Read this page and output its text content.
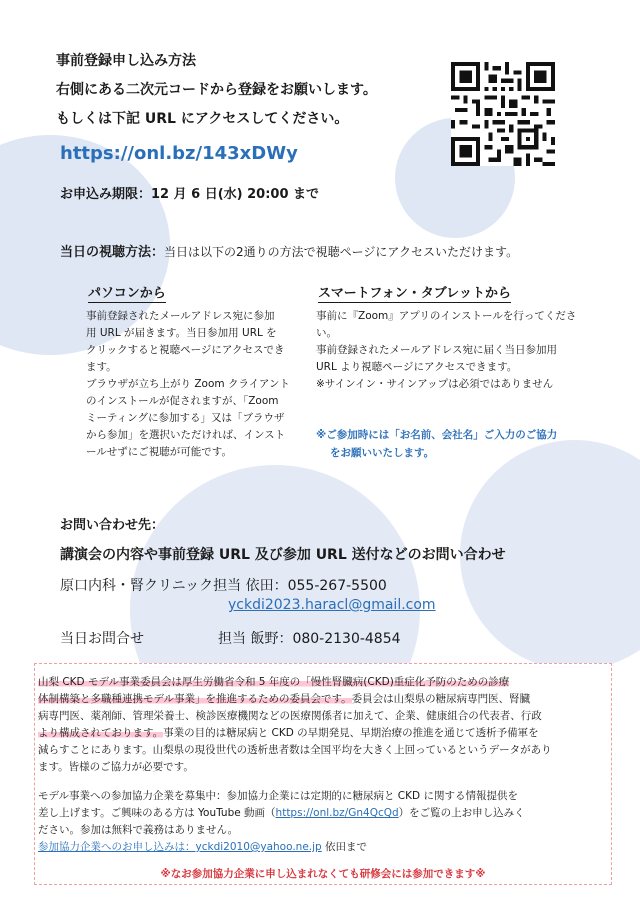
事前登録申し込み方法
右側にある二次元コードから登録をお願いします。
もしくは下記 URL にアクセスしてください。
https://onl.bz/143xDWy
お申込み期限：12 月 6 日(水) 20:00 まで
当日の視聴方法：当日は以下の2通りの方法で視聴ページにアクセスいただけます。
パソコンから
事前登録されたメールアドレス宛に参加
用 URL が届きます。当日参加用 URL を
クリックすると視聴ページにアクセスでき
ます。
ブラウザが立ち上がり Zoom クライアント
のインストールが促されますが、「Zoom
ミーティングに参加する」又は「ブラウザ
から参加」を選択いただければ、インスト
ールせずにご視聴が可能です。
スマートフォン・タブレットから
事前に『Zoom』アプリのインストールを行ってくださ
い。
事前登録されたメールアドレス宛に届く当日参加用
URL より視聴ページにアクセスできます。
※サインイン・サインアップは必須ではありません
※ご参加時には「お名前、会社名」ご入力のご協力
をお願いいたします。
お問い合わせ先：
講演会の内容や事前登録 URL 及び参加 URL 送付などのお問い合わせ
原口内科・腎クリニック担当 依田：055-267-5500
yckdi2023.haracl@gmail.com
当日お問合せ	担当 飯野：080-2130-4854
山梨 CKD モデル事業委員会は厚生労働省令和 5 年度の「慢性腎臓病(CKD)重症化予防のための診療
体制構築と多職種連携モデル事業」を推進するための委員会です。委員会は山梨県の糖尿病専門医、腎臓
病専門医、薬剤師、管理栄養士、検診医療機関などの医療関係者に加えて、企業、健康組合の代表者、行政
より構成されております。事業の目的は糖尿病と CKD の早期発見、早期治療の推進を通じて透析予備軍を
減らすことにあります。山梨県の現役世代の透析患者数は全国平均を大きく上回っているというデータがあり
ます。皆様のご協力が必要です。
モデル事業への参加協力企業を募集中：参加協力企業には定期的に糖尿病と CKD に関する情報提供を
差し上げます。ご興味のある方は YouTube 動画（https://onl.bz/Gn4QcQd）をご覧の上お申し込みく
ださい。参加は無料で義務はありません。
参加協力企業へのお申し込みは：yckdi2010@yahoo.ne.jp 依田まで
※なお参加協力企業に申し込まれなくても研修会には参加できます※
